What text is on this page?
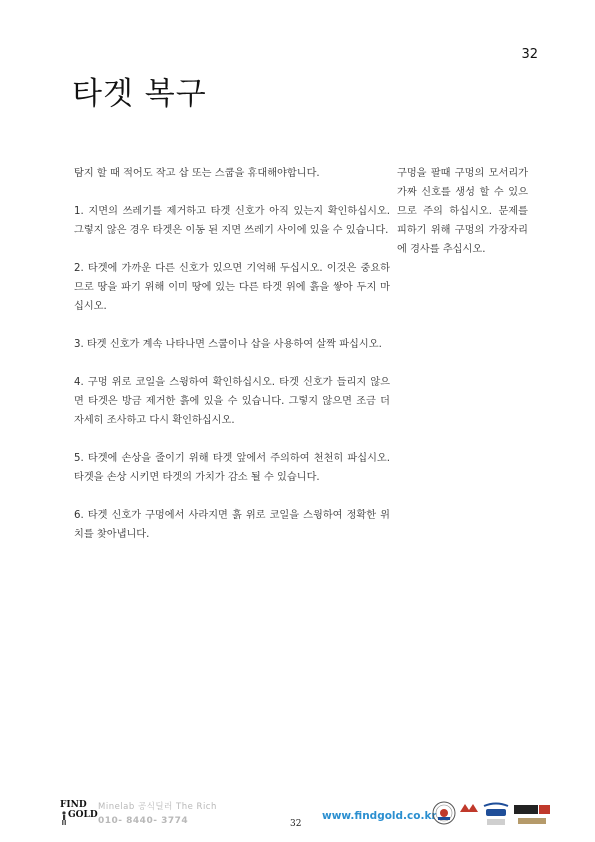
32
타겟 복구

탐지 할 때 적어도 작고 삽 또는 스쿱을 휴대해야합니다.

1. 지면의 쓰레기를 제거하고 타겟 신호가 아직 있는지 확인하십시오. 그렇지 않은 경우 타겟은 이동 된 지면 쓰레기 사이에 있을 수 있습니다.

2. 타겟에 가까운 다른 신호가 있으면 기억해 두십시오. 이것은 중요하므로 땅을 파기 위해 이미 땅에 있는 다른 타겟 위에 흙을 쌓아 두지 마십시오.

3. 타겟 신호가 계속 나타나면 스쿱이나 삽을 사용하여 살짝 파십시오.

4. 구멍 위로 코일을 스윙하여 확인하십시오. 타겟 신호가 들리지 않으면 타겟은 방금 제거한 흙에 있을 수 있습니다. 그렇지 않으면 조금 더 자세히 조사하고 다시 확인하십시오.

5. 타겟에 손상을 줄이기 위해 타겟 앞에서 주의하여 천천히 파십시오. 타겟을 손상 시키면 타겟의 가치가 감소 될 수 있습니다.

6. 타겟 신호가 구멍에서 사라지면 흙 위로 코일을 스윙하여 정확한 위치를 찾아냅니다.

구멍을 팔때 구멍의 모서리가 가짜 신호를 생성 할 수 있으므로 주의 하십시오. 문제를 피하기 위해 구멍의 가장자리에 경사를 추십시오.
FIND
GOLD
Minelab 공식딜러 The Rich
010- 8440- 3774	32
www.findgold.co.kr
